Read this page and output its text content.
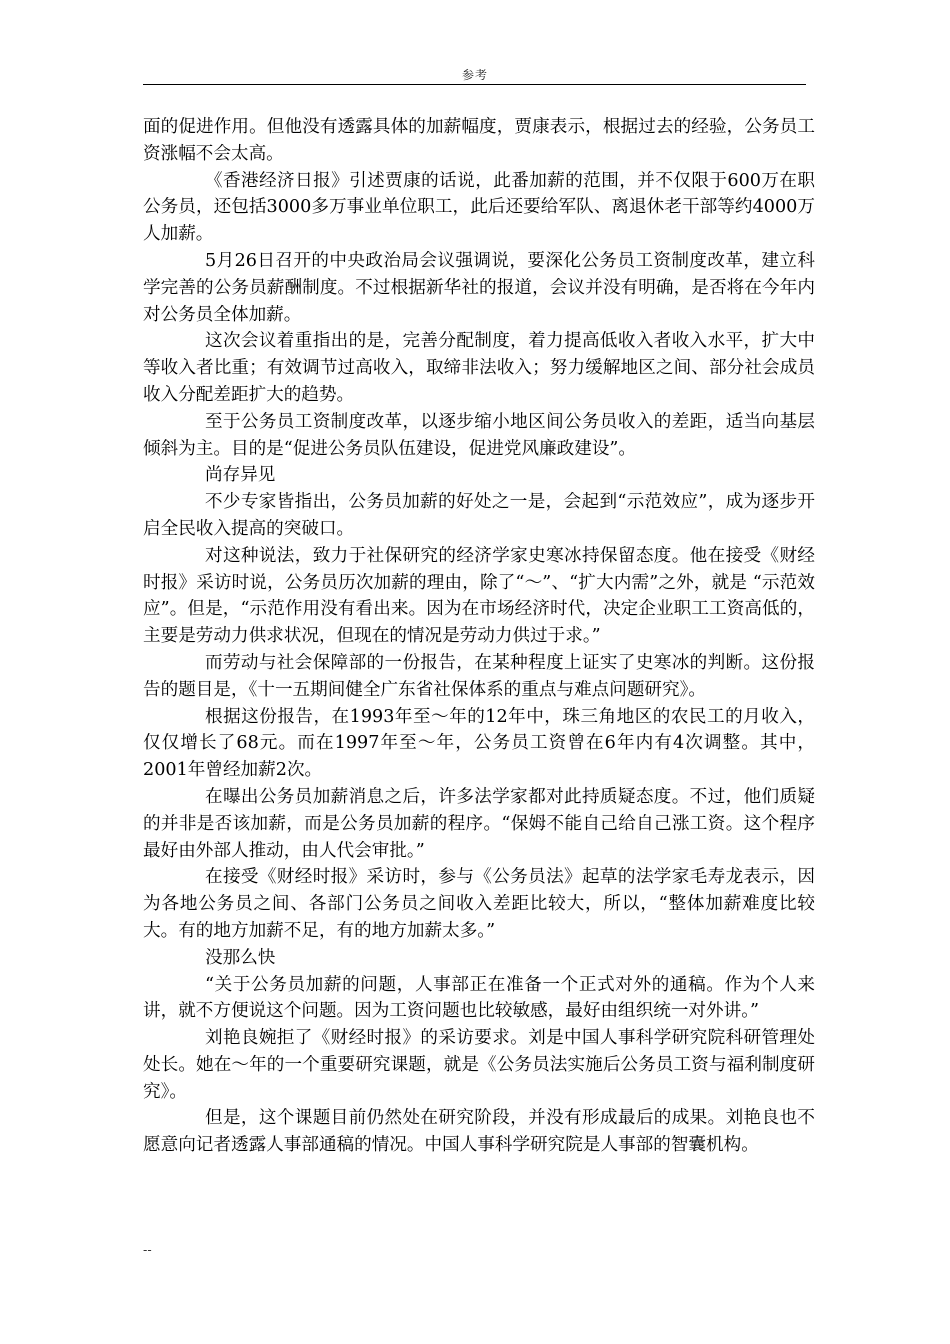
参考

面的促进作用。但他没有透露具体的加薪幅度，贾康表示，根据过去的经验，公务员工资涨幅不会太高。

《香港经济日报》引述贾康的话说，此番加薪的范围，并不仅限于600万在职公务员，还包括3000多万事业单位职工，此后还要给军队、离退休老干部等约4000万人加薪。

5月26日召开的中央政治局会议强调说，要深化公务员工资制度改革，建立科学完善的公务员薪酬制度。不过根据新华社的报道，会议并没有明确，是否将在今年内对公务员全体加薪。

这次会议着重指出的是，完善分配制度，着力提高低收入者收入水平，扩大中等收入者比重；有效调节过高收入，取缔非法收入；努力缓解地区之间、部分社会成员收入分配差距扩大的趋势。

至于公务员工资制度改革，以逐步缩小地区间公务员收入的差距，适当向基层倾斜为主。目的是“促进公务员队伍建设，促进党风廉政建设”。

尚存异见

不少专家皆指出，公务员加薪的好处之一是，会起到“示范效应”，成为逐步开启全民收入提高的突破口。

对这种说法，致力于社保研究的经济学家史寒冰持保留态度。他在接受《财经时报》采访时说，公务员历次加薪的理由，除了“～”、“扩大内需”之外，就是 “示范效应”。但是，“示范作用没有看出来。因为在市场经济时代，决定企业职工工资高低的，主要是劳动力供求状况，但现在的情况是劳动力供过于求。”

而劳动与社会保障部的一份报告，在某种程度上证实了史寒冰的判断。这份报告的题目是，《十一五期间健全广东省社保体系的重点与难点问题研究》。

根据这份报告，在1993年至～年的12年中，珠三角地区的农民工的月收入，仅仅增长了68元。而在1997年至～年，公务员工资曾在6年内有4次调整。其中，2001年曾经加薪2次。

在曝出公务员加薪消息之后，许多法学家都对此持质疑态度。不过，他们质疑的并非是否该加薪，而是公务员加薪的程序。“保姆不能自己给自己涨工资。这个程序最好由外部人推动，由人代会审批。”

在接受《财经时报》采访时，参与《公务员法》起草的法学家毛寿龙表示，因为各地公务员之间、各部门公务员之间收入差距比较大，所以，“整体加薪难度比较大。有的地方加薪不足，有的地方加薪太多。”

没那么快

“关于公务员加薪的问题，人事部正在准备一个正式对外的通稿。作为个人来讲，就不方便说这个问题。因为工资问题也比较敏感，最好由组织统一对外讲。”

刘艳良婉拒了《财经时报》的采访要求。刘是中国人事科学研究院科研管理处处长。她在～年的一个重要研究课题，就是《公务员法实施后公务员工资与福利制度研究》。

但是，这个课题目前仍然处在研究阶段，并没有形成最后的成果。刘艳良也不愿意向记者透露人事部通稿的情况。中国人事科学研究院是人事部的智囊机构。

--
